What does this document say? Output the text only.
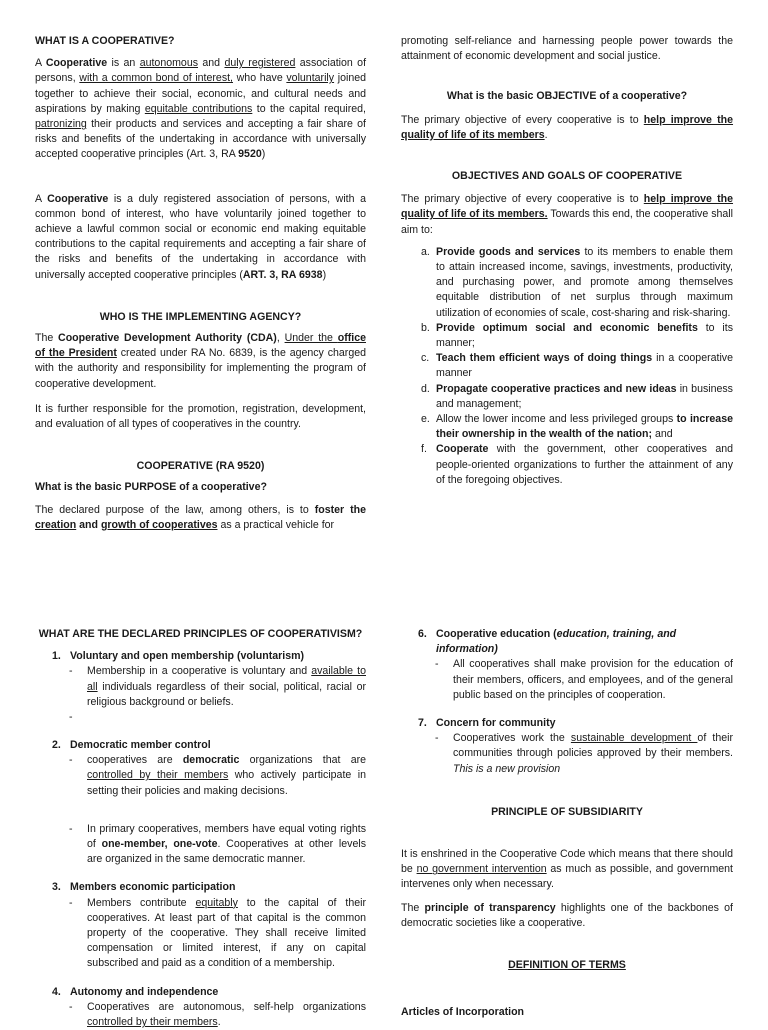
WHAT IS A COOPERATIVE?

A Cooperative is an autonomous and duly registered association of persons, with a common bond of interest, who have voluntarily joined together to achieve their social, economic, and cultural needs and aspirations by making equitable contributions to the capital required, patronizing their products and services and accepting a fair share of risks and benefits of the undertaking in accordance with universally accepted cooperative principles (Art. 3, RA 9520)

A Cooperative is a duly registered association of persons, with a common bond of interest, who have voluntarily joined together to achieve a lawful common social or economic end making equitable contributions to the capital requirements and accepting a fair share of the risks and benefits of the undertaking in accordance with universally accepted cooperative principles (ART. 3, RA 6938)

WHO IS THE IMPLEMENTING AGENCY?

The Cooperative Development Authority (CDA), Under the office of the President created under RA No. 6839, is the agency charged with the authority and responsibility for implementing the program of cooperative development.

It is further responsible for the promotion, registration, development, and evaluation of all types of cooperatives in the country.

COOPERATIVE (RA 9520)

What is the basic PURPOSE of a cooperative?

The declared purpose of the law, among others, is to foster the creation and growth of cooperatives as a practical vehicle for

promoting self-reliance and harnessing people power towards the attainment of economic development and social justice.

What is the basic OBJECTIVE of a cooperative?

The primary objective of every cooperative is to help improve the quality of life of its members.

OBJECTIVES AND GOALS OF COOPERATIVE

The primary objective of every cooperative is to help improve the quality of life of its members. Towards this end, the cooperative shall aim to:

a. Provide goods and services to its members to enable them to attain increased income, savings, investments, productivity, and purchasing power, and promote among themselves equitable distribution of net surplus through maximum utilization of economies of scale, cost-sharing and risk-sharing.
b. Provide optimum social and economic benefits to its manner;
c. Teach them efficient ways of doing things in a cooperative manner
d. Propagate cooperative practices and new ideas in business and management;
e. Allow the lower income and less privileged groups to increase their ownership in the wealth of the nation; and
f. Cooperate with the government, other cooperatives and people-oriented organizations to further the attainment of any of the foregoing objectives.

WHAT ARE THE DECLARED PRINCIPLES OF COOPERATIVISM?

1. Voluntary and open membership (voluntarism)
- Membership in a cooperative is voluntary and available to all individuals regardless of their social, political, racial or religious background or beliefs.
-
2. Democratic member control
- cooperatives are democratic organizations that are controlled by their members who actively participate in setting their policies and making decisions.
- In primary cooperatives, members have equal voting rights of one-member, one-vote. Cooperatives at other levels are organized in the same democratic manner.
3. Members economic participation
- Members contribute equitably to the capital of their cooperatives. At least part of that capital is the common property of the cooperative. They shall receive limited compensation or limited interest, if any on capital subscribed and paid as a condition of a membership.
4. Autonomy and independence
- Cooperatives are autonomous, self-help organizations controlled by their members.
6. Cooperative education (education, training, and information)
- All cooperatives shall make provision for the education of their members, officers, and employees, and of the general public based on the principles of cooperation.
7. Concern for community
- Cooperatives work the sustainable development of their communities through policies approved by their members. This is a new provision

PRINCIPLE OF SUBSIDIARITY

It is enshrined in the Cooperative Code which means that there should be no government intervention as much as possible, and government intervenes only when necessary.

The principle of transparency highlights one of the backbones of democratic societies like a cooperative.

DEFINITION OF TERMS

Articles of Incorporation
